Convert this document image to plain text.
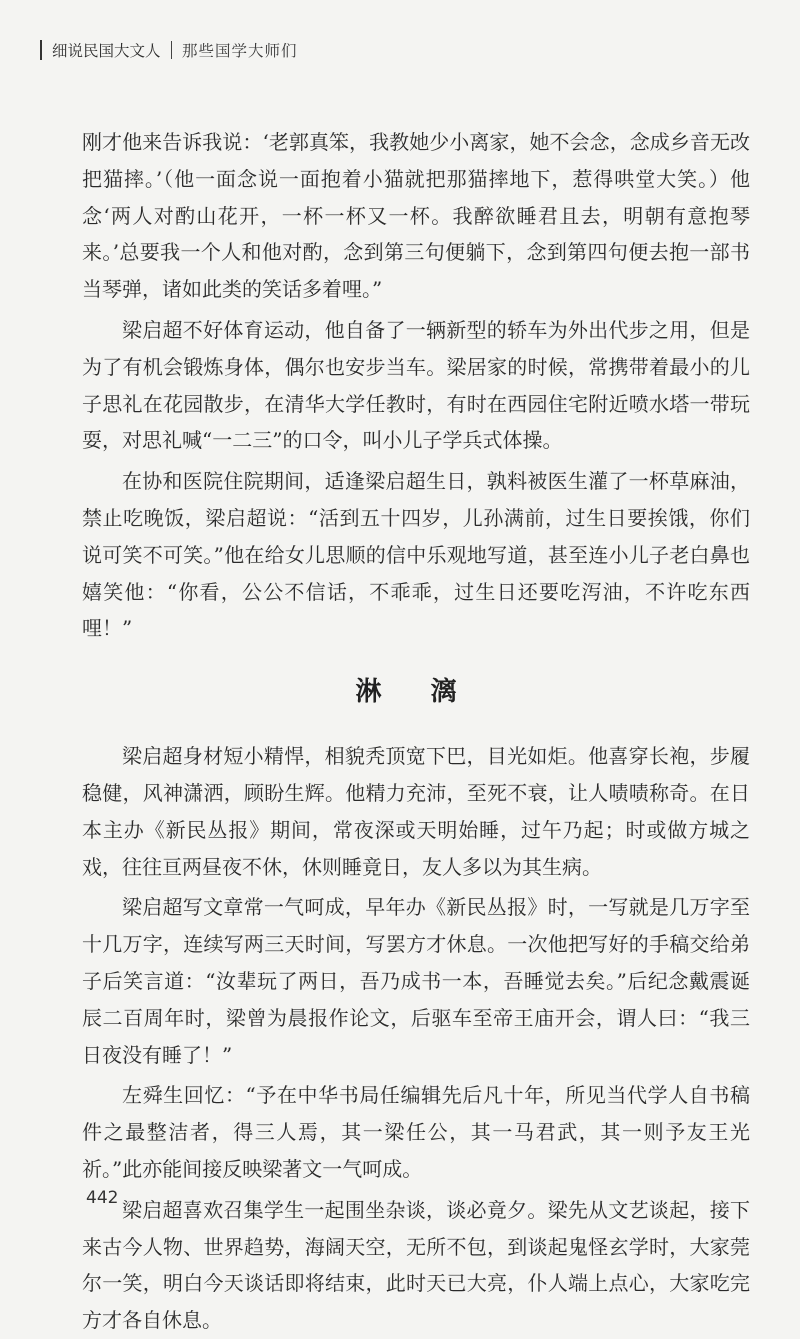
细说民国大文人 那些国学大师们

刚才他来告诉我说：‘老郭真笨，我教她少小离家，她不会念，念成乡音无改把猫摔。’（他一面念说一面抱着小猫就把那猫摔地下，惹得哄堂大笑。）他念‘两人对酌山花开，一杯一杯又一杯。我醉欲睡君且去，明朝有意抱琴来。’总要我一个人和他对酌，念到第三句便躺下，念到第四句便去抱一部书当琴弹，诸如此类的笑话多着哩。”

梁启超不好体育运动，他自备了一辆新型的轿车为外出代步之用，但是为了有机会锻炼身体，偶尔也安步当车。梁居家的时候，常携带着最小的儿子思礼在花园散步，在清华大学任教时，有时在西园住宅附近喷水塔一带玩耍，对思礼喊“一二三”的口令，叫小儿子学兵式体操。

在协和医院住院期间，适逢梁启超生日，孰料被医生灌了一杯草麻油，禁止吃晚饭，梁启超说：“活到五十四岁，儿孙满前，过生日要挨饿，你们说可笑不可笑。”他在给女儿思顺的信中乐观地写道，甚至连小儿子老白鼻也嬉笑他：“你看，公公不信话，不乖乖，过生日还要吃泻油，不许吃东西哩！”

淋 漓

梁启超身材短小精悍，相貌秃顶宽下巴，目光如炬。他喜穿长袍，步履稳健，风神潇洒，顾盼生辉。他精力充沛，至死不衰，让人啧啧称奇。在日本主办《新民丛报》期间，常夜深或天明始睡，过午乃起；时或做方城之戏，往往亘两昼夜不休，休则睡竟日，友人多以为其生病。

梁启超写文章常一气呵成，早年办《新民丛报》时，一写就是几万字至十几万字，连续写两三天时间，写罢方才休息。一次他把写好的手稿交给弟子后笑言道：“汝辈玩了两日，吾乃成书一本，吾睡觉去矣。”后纪念戴震诞辰二百周年时，梁曾为晨报作论文，后驱车至帝王庙开会，谓人曰：“我三日夜没有睡了！”

左舜生回忆：“予在中华书局任编辑先后凡十年，所见当代学人自书稿件之最整洁者，得三人焉，其一梁任公，其一马君武，其一则予友王光祈。”此亦能间接反映梁著文一气呵成。

梁启超喜欢召集学生一起围坐杂谈，谈必竟夕。梁先从文艺谈起，接下来古今人物、世界趋势，海阔天空，无所不包，到谈起鬼怪玄学时，大家莞尔一笑，明白今天谈话即将结束，此时天已大亮，仆人端上点心，大家吃完方才各自休息。

442
